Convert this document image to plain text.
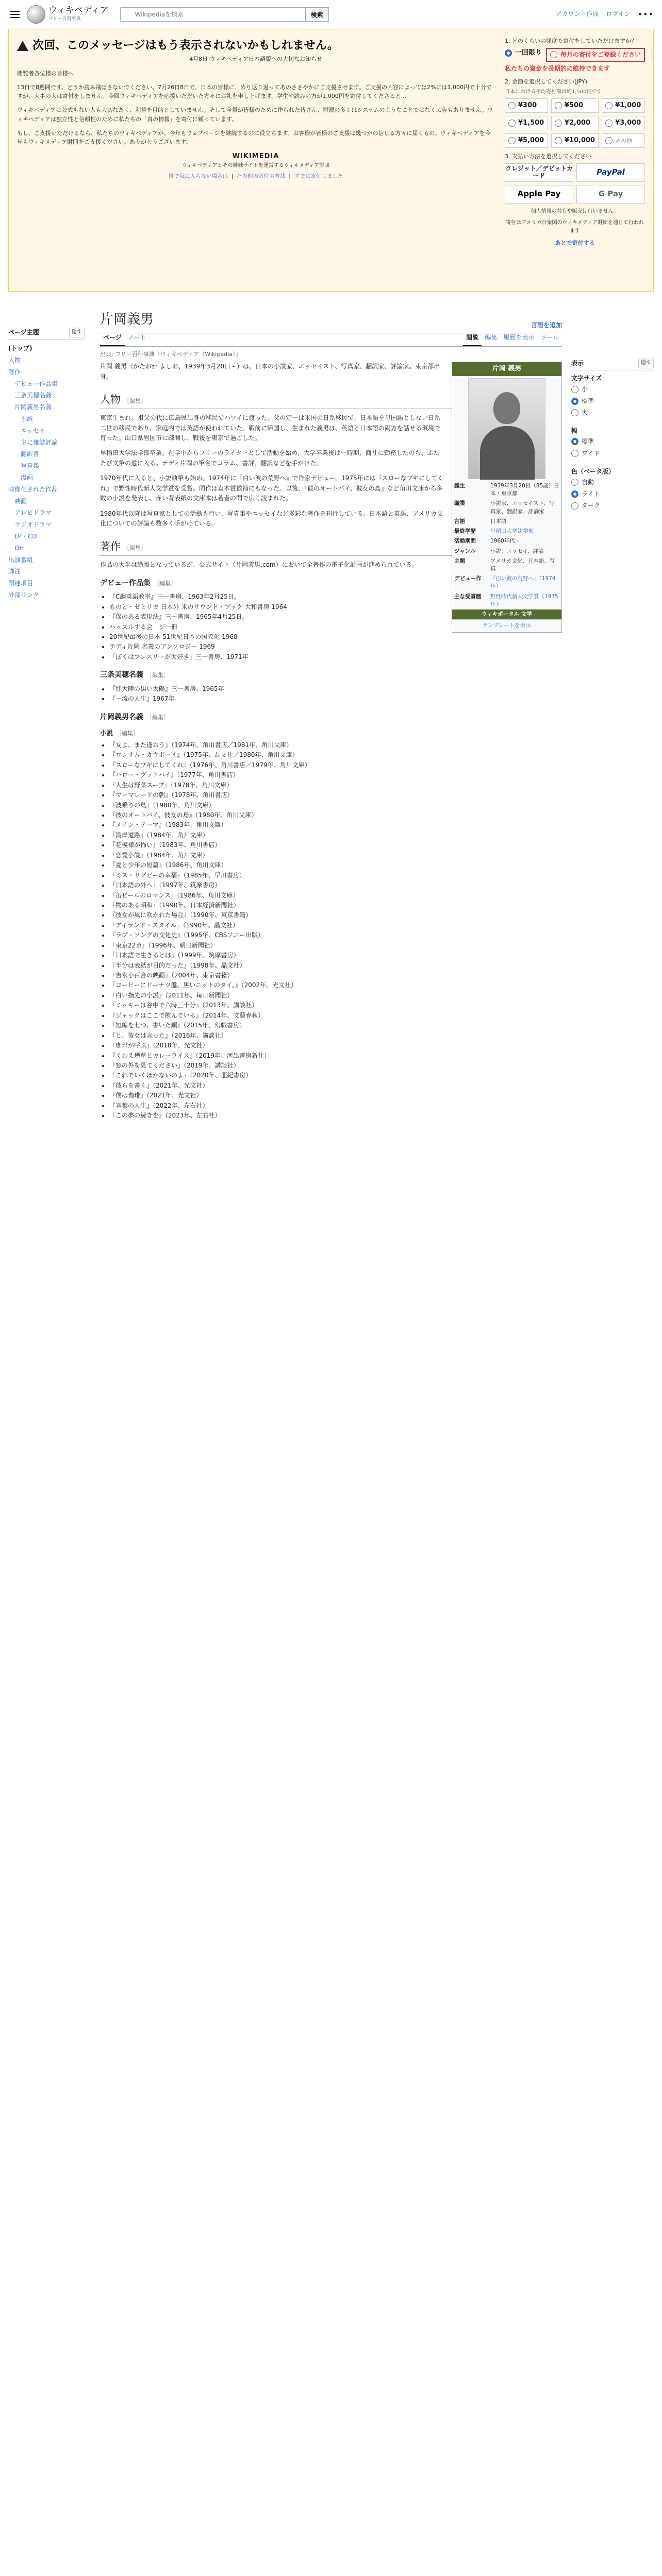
ウィキペディア
フリー百科事典
Wikipediaを検索
検索	アカウント作成 ログイン •••
次回、このメッセージはもう表示されないかもしれません。
4月8日 ウィキペディア日本語版への大切なお知らせ
閲覧者各位様の皆様へ

13日で8週間です。どうか読み飛ばさないでください。7月26日8日で、日本の皆様に、めり返り返ってあのささやかにご支援させます。ご支援の内容によっては2%には1,000円で十分ですが、大半の人は寄付をしません。今回ウィキペディアを応援いただいた方々にお礼を申し上げます。学生や読みの方が1,000円を寄付してくださると...

ウィキペディアは公式もない人も大切なたく、利益を目的としていません。そして全員が皆様のために作られた皆さん、財源の多くはシステムのようなことではなく広告もありません。ウィキペディアは独立性と信頼性のために私たちの「真の情報」を寄付に頼っています。

もし、ご支援いただけるなら、私たちのウィキペディアが、今年もウェブページを継続するのに役立ちます。お客様が皆様のご支援は幾つかの信じる方々に届くもの。ウィキペディアを今年もウィキメディア財団をご支援ください。ありがとうございます。

WIKIMEDIA
ウィキペディアとその姉妹サイトを運営するウィキメディア財団
後で気に入らない場合は  |  その他の寄付の方法  |  すでに寄付しました
1. どのくらいの頻度で寄付をしていただけますか？
一回限り	毎月の寄付をご登録ください
私たちの資金を長期的に維持できます
2. 金額を選択してください(JPY)
日本における平均寄付額は約1,500円です
¥300	¥500	¥1,000
¥1,500	¥2,000	¥3,000
¥5,000	¥10,000	その他
3. 支払い方法を選択してください
クレジット／デビットカード	PayPal
Apple Pay	G Pay
個人情報の共有や販売は行いません。
寄付はアメリカ合衆国のウィキメディア財団を通じて行われます
あとで寄付する
ページ主題	隠す
(トップ)
人物
著作
デビュー作品集
三条美穂名義
片岡義男名義
小説
エッセイ
主に雑誌評論
翻訳書
写真集
漫画
映像化された作品
映画
テレビドラマ
ラジオドラマ
LP・CD
DH
出演番組
脚注
関連項目
外部リンク
片岡義男	言語を追加
ページ	ノート	閲覧	編集	履歴を表示	ツール
出典: フリー百科事典『ウィキペディア（Wikipedia）』
片岡 義男
誕生	1939年3月20日（85歳）日本・東京都
職業	小説家、エッセイスト、写真家、翻訳家、評論家
言語	日本語
最終学歴	早稲田大学法学部
活動期間	1960年代 -
ジャンル	小説、エッセイ、評論
主題	アメリカ文化、日本語、写真
デビュー作	『白い波の荒野へ』（1974年）
主な受賞歴	野性時代新人文学賞（1975年）
ウィキポータル 文学
テンプレートを表示

片岡 義男（かたおか よしお、1939年3月20日 - ）は、日本の小説家、エッセイスト、写真家、翻訳家、評論家。東京都出身。

人物 ［編集］

東京生まれ。祖父の代に広島県出身の移民でハワイに渡った。父の定一は米国の日系移民で、日本語を母国語としない日系二世の移民であり、家庭内では英語が使われていた。戦前に帰国し、生まれた義男は、英語と日本語の両方を話せる環境で育った。山口県岩国市に疎開し、戦後を東京で過ごした。

早稲田大学法学部卒業。在学中からフリーのライターとして活動を始め、大学卒業後は一時期、商社に勤務したのち、ふたたび文筆の道に入る。テディ片岡の筆名でコラム、書評、翻訳などを手がけた。

1970年代に入ると、小説執筆も始め、1974年に『白い波の荒野へ』で作家デビュー。1975年には『スローなブギにしてくれ』で野性時代新人文学賞を受賞。同作は直木賞候補にもなった。以後、『彼のオートバイ、彼女の島』など角川文庫から多数の小説を発表し、赤い背表紙の文庫本は若者の間で広く読まれた。

1980年代以降は写真家としての活動も行い、写真集やエッセイなど多彩な著作を刊行している。日本語と英語、アメリカ文化についての評論も数多く手がけている。

著作 ［編集］

作品の大半は絶版となっているが、公式サイト（片岡義男.com）において全著作の電子化計画が進められている。

デビュー作品集 ［編集］
• 『C調英語教室』三一書房、1963年2月25日。
• ものと・ゼミリカ 日本外 米のサウンド・ブック 大和書房 1964
• 『僕のある表現法』三一書房、1965年4月25日。
• ハッスルする会　ジ一冊
• 20世紀最後の日本 51世紀日本の国際化 1968
• テディ片岡 名義のアンソロジー 1969
• 「ぼくはプレスリーが大好き」三一書房、1971年
三条美穂名義 ［編集］
• 『紅大陸の黒い太陽』三一書房、1965年
• 『一流の人生』1967年
片岡義男名義 ［編集］
小説 ［編集］
• 『友よ、また逢おう』（1974年、角川書店／1981年、角川文庫）
• 『ロンサム・カウボーイ』（1975年、晶文社／1980年、角川文庫）
• 『スローなブギにしてくれ』（1976年、角川書店／1979年、角川文庫）
• 『ハロー・グッドバイ』（1977年、角川書店）
• 『人生は野菜スープ』（1978年、角川文庫）
• 『マーマレードの朝』（1978年、角川書店）
• 『波乗りの島』（1980年、角川文庫）
• 『彼のオートバイ、彼女の島』（1980年、角川文庫）
• 『メイン・テーマ』（1983年、角川文庫）
• 『湾岸道路』（1984年、角川文庫）
• 『花模様が怖い』（1983年、角川書店）
• 『恋愛小説』（1984年、角川文庫）
• 『夏と少年の短篇』（1986年、角川文庫）
• 『ミス・リグビーの幸福』（1985年、早川書房）
• 『日本語の外へ』（1997年、筑摩書房）
• 『缶ビールのロマンス』（1986年、角川文庫）
• 『物のある昭和』（1990年、日本経済新聞社）
• 『彼女が風に吹かれた場合』（1990年、東京書籍）
• 『アイランド・スタイル』（1990年、晶文社）
• 『ラブ・ソングの文化史』（1995年、CBSソニー出版）
• 『東京22章』（1996年、朝日新聞社）
• 『日本語で生きるとは』（1999年、筑摩書房）
• 『半分は表紙が目的だった』（1998年、晶文社）
• 『吉永小百合の映画』（2004年、東京書籍）
• 『コーヒーにドーナツ盤、黒いニットのタイ。』（2002年、光文社）
• 『白い指先の小説』（2011年、毎日新聞社）
• 『ミッキーは谷中で六時三十分』（2013年、講談社）
• 『ジャックはここで飲んでいる』（2014年、文藝春秋）
• 『短編を七つ、書いた順』（2015年、幻戯書房）
• 『と、彼女は言った』（2016年、講談社）
• 『珈琲が呼ぶ』（2018年、光文社）
• 『くわえ煙草とカレーライス』（2019年、河出書房新社）
• 『窓の外を見てください』（2019年、講談社）
• 『これでいくほかないのよ』（2020年、亜紀書房）
• 『彼らを書く』（2021年、光文社）
• 『僕は珈琲』（2021年、光文社）
• 『言葉の人生』（2022年、左右社）
• 『この夢の続きを』（2023年、左右社）
表示	隠す
文字サイズ
小
標準
大
幅
標準
ワイド
色（ベータ版）
自動
ライト
ダーク
